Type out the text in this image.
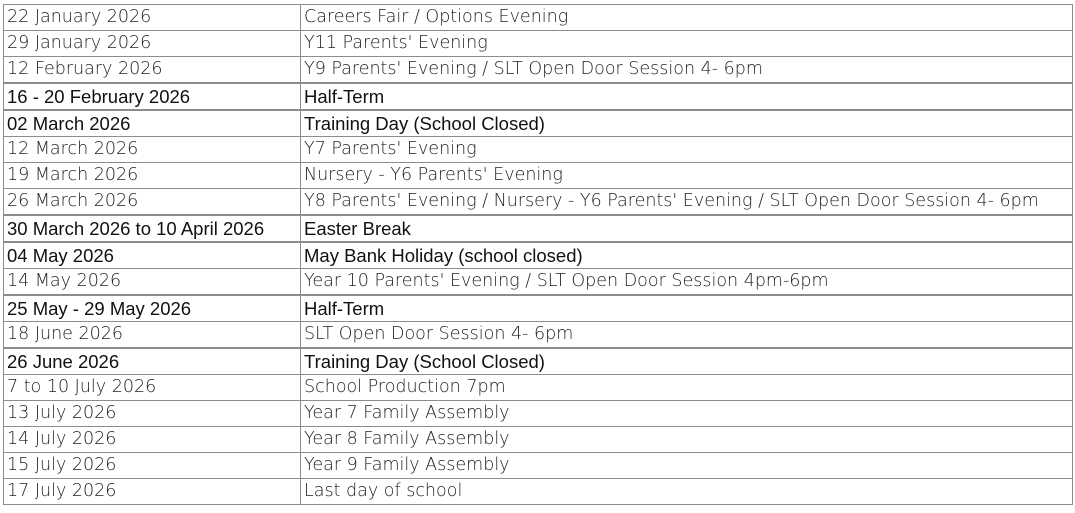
22 January 2026	Careers Fair / Options Evening
29 January 2026	Y11 Parents' Evening
12 February 2026	Y9 Parents' Evening / SLT Open Door Session 4- 6pm
16 - 20 February 2026	Half-Term
02 March 2026	Training Day (School Closed)
12 March 2026	Y7 Parents' Evening
19 March 2026	Nursery - Y6 Parents' Evening
26 March 2026	Y8 Parents' Evening / Nursery - Y6 Parents' Evening / SLT Open Door Session 4- 6pm
30 March 2026 to 10 April 2026	Easter Break
04 May 2026	May Bank Holiday (school closed)
14 May 2026	Year 10 Parents' Evening / SLT Open Door Session 4pm-6pm
25 May - 29 May 2026	Half-Term
18 June 2026	SLT Open Door Session 4- 6pm
26 June 2026	Training Day (School Closed)
7 to 10 July 2026	School Production 7pm
13 July 2026	Year 7 Family Assembly
14 July 2026	Year 8 Family Assembly
15 July 2026	Year 9 Family Assembly
17 July 2026	Last day of school
